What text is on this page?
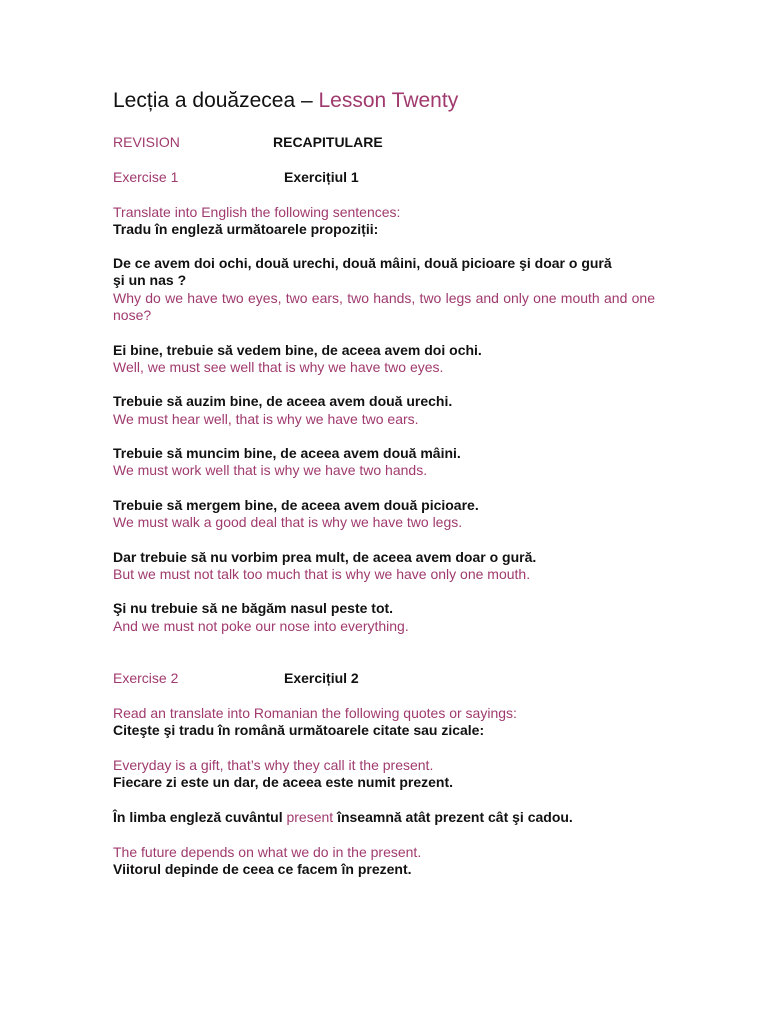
Lecția a douăzecea – Lesson Twenty
REVISION	RECAPITULARE
Exercise 1	Exercițiul 1
Translate into English the following sentences:
Tradu în engleză următoarele propoziții:
De ce avem doi ochi, două urechi, două mâini, două picioare şi doar o gură
şi un nas ?
Why do we have two eyes, two ears, two hands, two legs and only one mouth and one nose?
Ei bine, trebuie să vedem bine, de aceea avem doi ochi.
Well, we must see well that is why we have two eyes.
Trebuie să auzim bine, de aceea avem două urechi.
We must hear well, that is why we have two ears.
Trebuie să muncim bine, de aceea avem două mâini.
We must work well that is why we have two hands.
Trebuie să mergem bine, de aceea avem două picioare.
We must walk a good deal that is why we have two legs.
Dar trebuie să nu vorbim prea mult, de aceea avem doar o gură.
But we must not talk too much that is why we have only one mouth.
Şi nu trebuie să ne băgăm nasul peste tot.
And we must not poke our nose into everything.
Exercise 2	Exercițiul 2
Read an translate into Romanian the following quotes or sayings:
Citeşte şi tradu în română următoarele citate sau zicale:
Everyday is a gift, that’s why they call it the present.
Fiecare zi este un dar, de aceea este numit prezent.
În limba engleză cuvântul present înseamnă atât prezent cât şi cadou.
The future depends on what we do in the present.
Viitorul depinde de ceea ce facem în prezent.
